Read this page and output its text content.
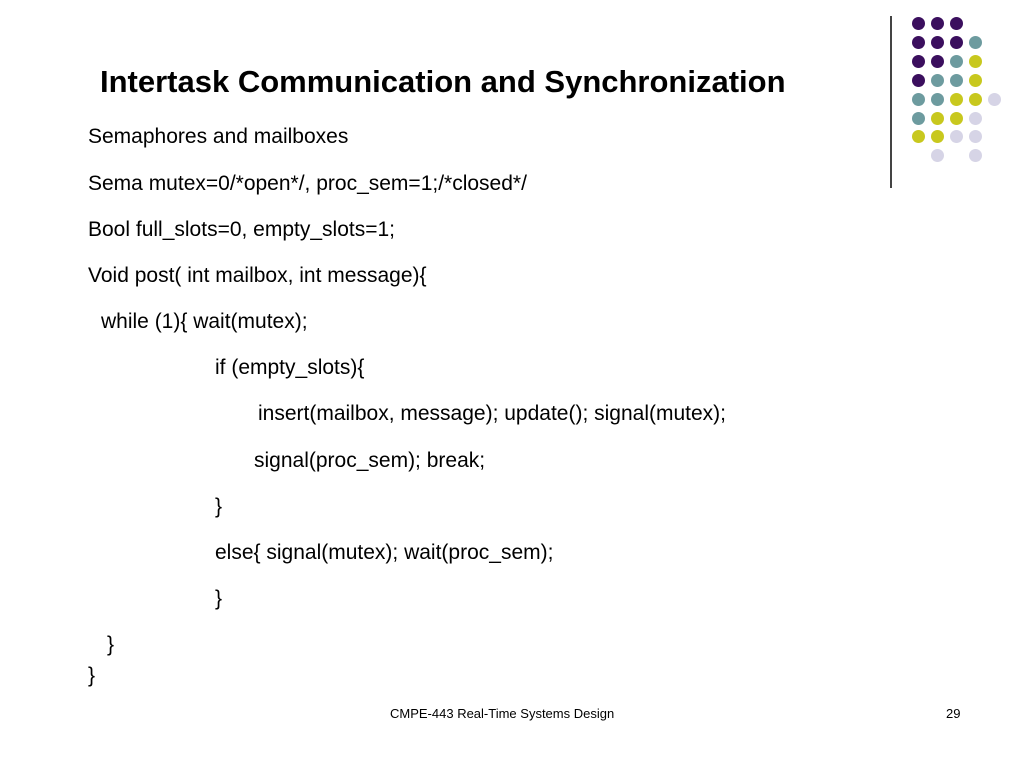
Intertask Communication and Synchronization
Semaphores and mailboxes
Sema mutex=0/*open*/, proc_sem=1;/*closed*/
Bool full_slots=0, empty_slots=1;
Void post( int mailbox, int message){
while (1){ wait(mutex);
if (empty_slots){
insert(mailbox, message); update(); signal(mutex);
signal(proc_sem); break;
}
else{ signal(mutex); wait(proc_sem);
}
}
}
CMPE-443 Real-Time Systems Design	29
